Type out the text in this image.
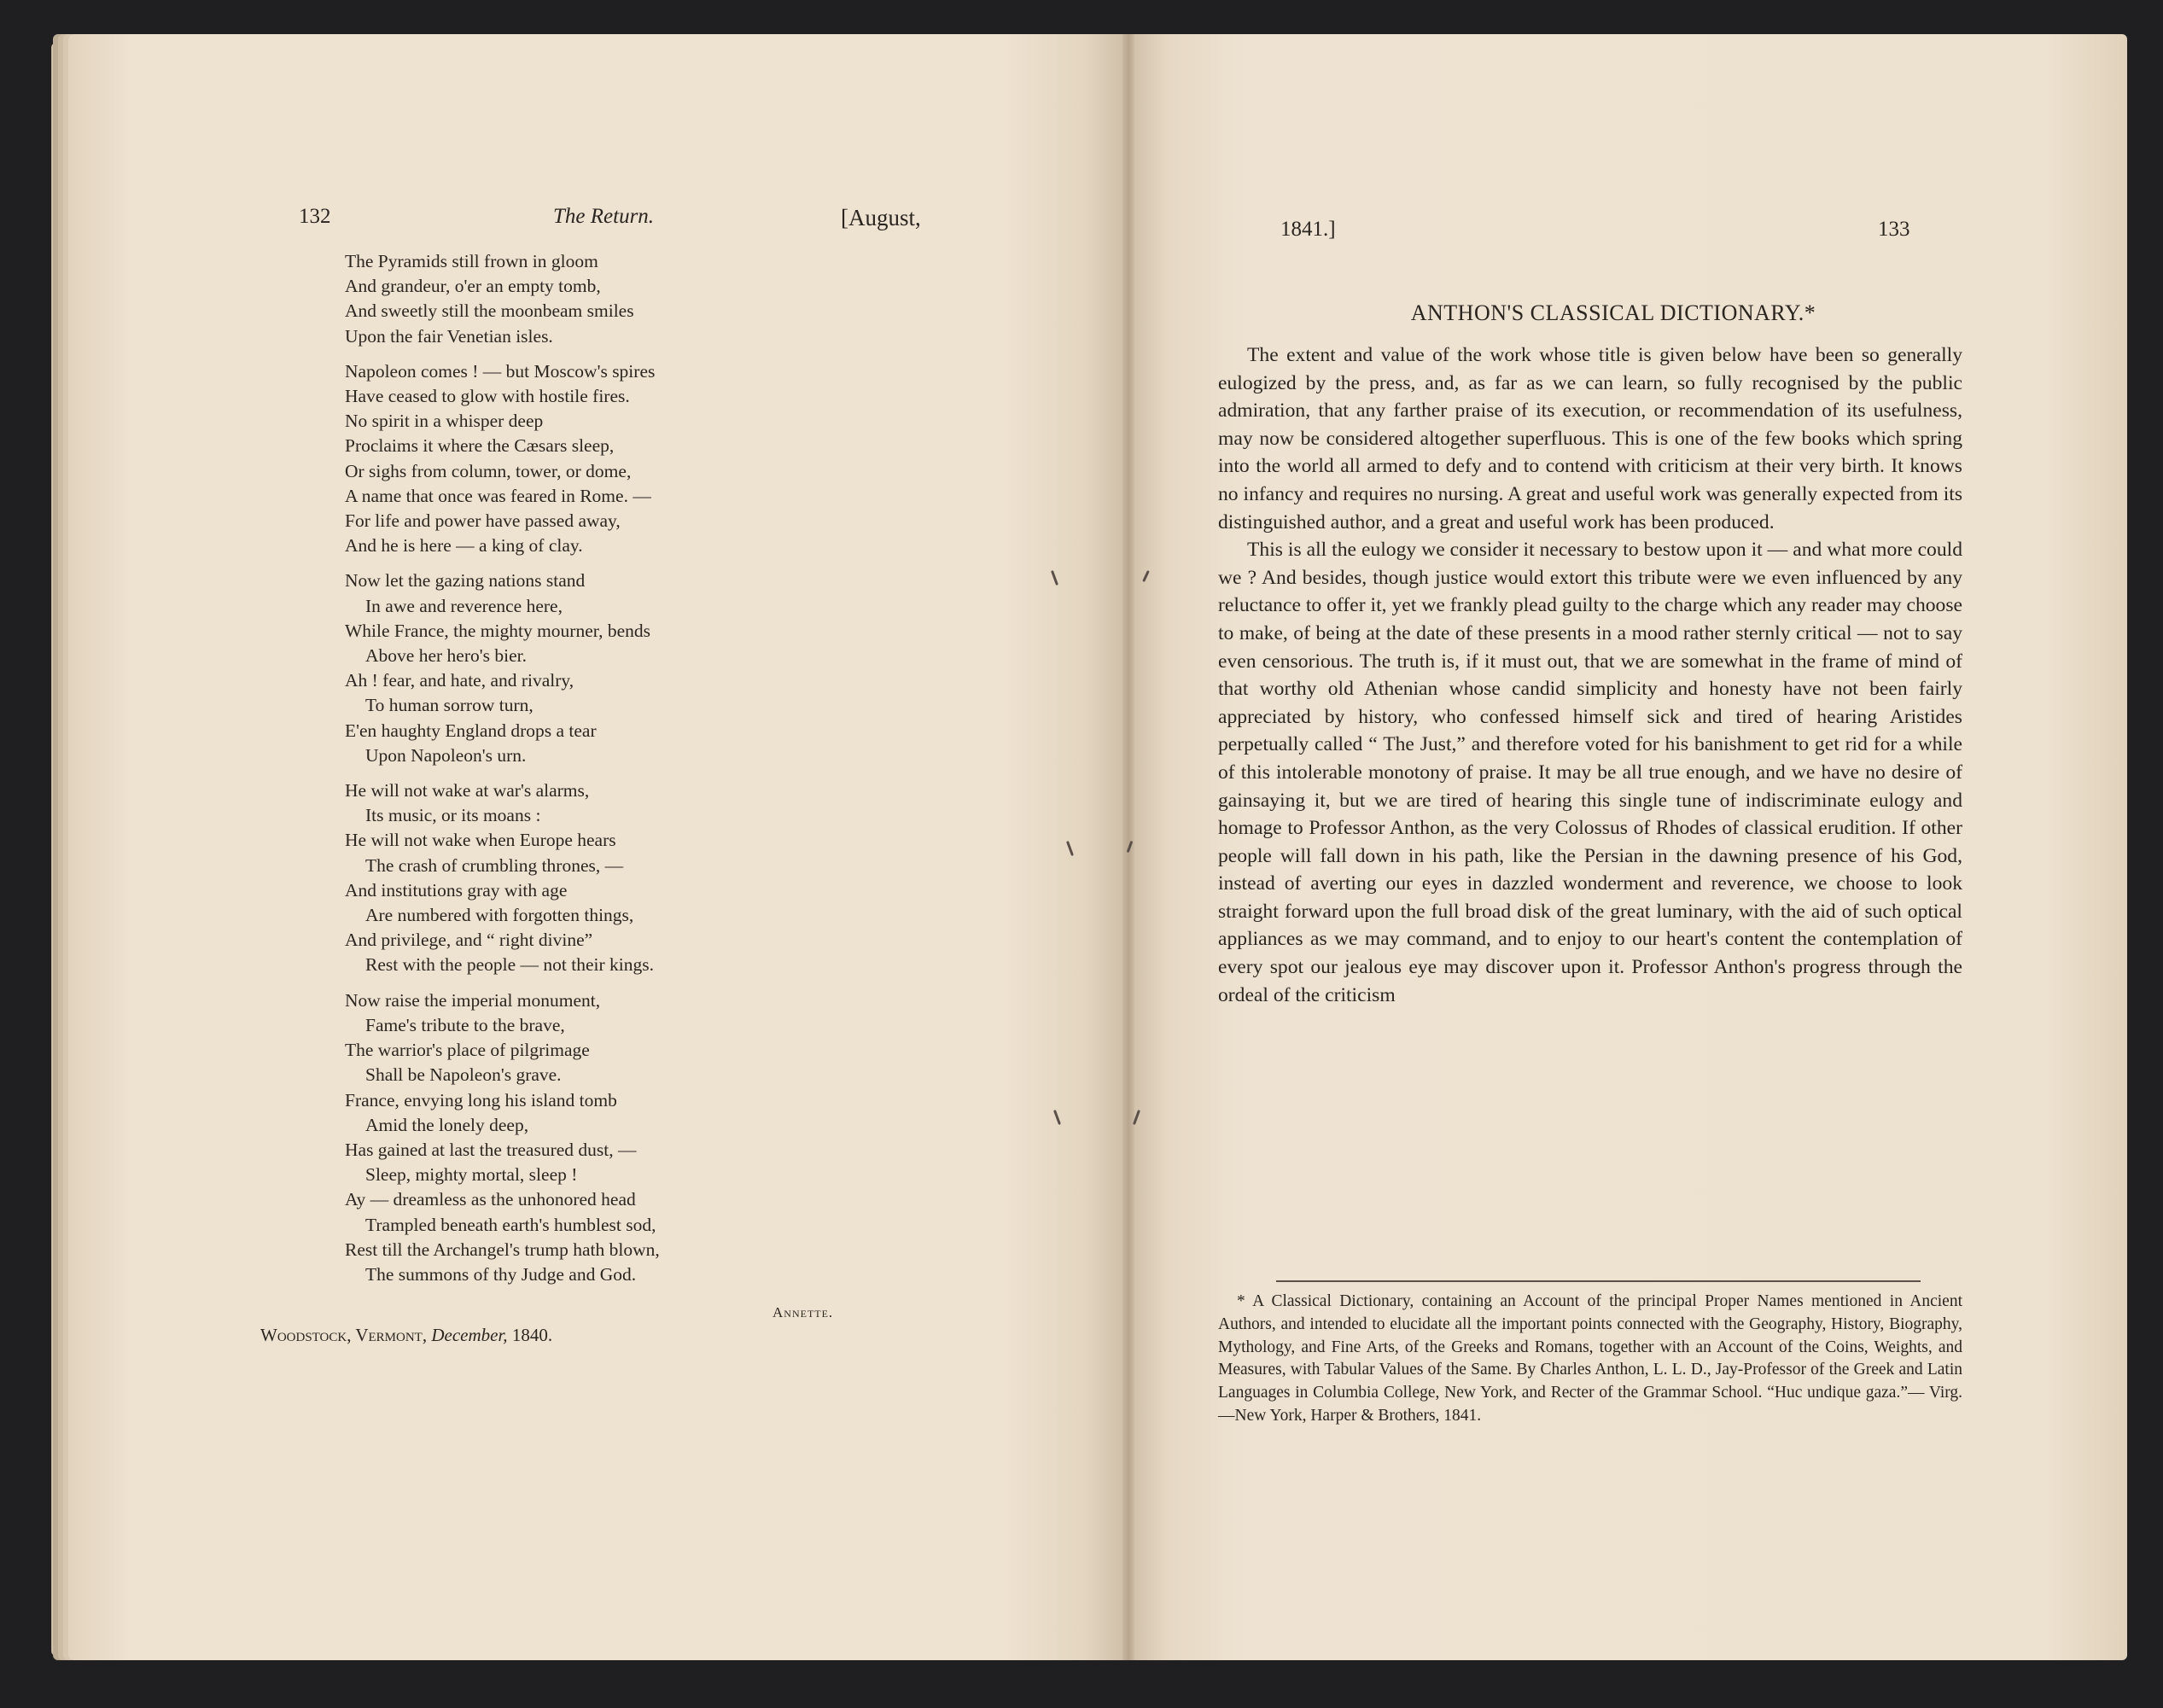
132	The Return.	[August,
The Pyramids still frown in gloom
And grandeur, o'er an empty tomb,
And sweetly still the moonbeam smiles
Upon the fair Venetian isles.
Napoleon comes ! — but Moscow's spires
Have ceased to glow with hostile fires.
No spirit in a whisper deep
Proclaims it where the Cæsars sleep,
Or sighs from column, tower, or dome,
A name that once was feared in Rome. —
For life and power have passed away,
And he is here — a king of clay.
Now let the gazing nations stand
In awe and reverence here,
While France, the mighty mourner, bends
Above her hero's bier.
Ah ! fear, and hate, and rivalry,
To human sorrow turn,
E'en haughty England drops a tear
Upon Napoleon's urn.
He will not wake at war's alarms,
Its music, or its moans :
He will not wake when Europe hears
The crash of crumbling thrones, —
And institutions gray with age
Are numbered with forgotten things,
And privilege, and “ right divine”
Rest with the people — not their kings.
Now raise the imperial monument,
Fame's tribute to the brave,
The warrior's place of pilgrimage
Shall be Napoleon's grave.
France, envying long his island tomb
Amid the lonely deep,
Has gained at last the treasured dust, —
Sleep, mighty mortal, sleep !
Ay — dreamless as the unhonored head
Trampled beneath earth's humblest sod,
Rest till the Archangel's trump hath blown,
The summons of thy Judge and God.
Annette.
Woodstock, Vermont, December, 1840.
1841.]	133
ANTHON'S CLASSICAL DICTIONARY.*

The extent and value of the work whose title is given below have been so generally eulogized by the press, and, as far as we can learn, so fully recognised by the public admiration, that any farther praise of its execution, or recommendation of its usefulness, may now be considered altogether superfluous. This is one of the few books which spring into the world all armed to defy and to contend with criticism at their very birth. It knows no infancy and requires no nursing. A great and useful work was generally expected from its distinguished author, and a great and useful work has been produced.

This is all the eulogy we consider it necessary to bestow upon it — and what more could we ? And besides, though justice would extort this tribute were we even influenced by any reluctance to offer it, yet we frankly plead guilty to the charge which any reader may choose to make, of being at the date of these presents in a mood rather sternly critical — not to say even censorious. The truth is, if it must out, that we are somewhat in the frame of mind of that worthy old Athenian whose candid simplicity and honesty have not been fairly appreciated by history, who confessed himself sick and tired of hearing Aristides perpetually called “ The Just,” and therefore voted for his banishment to get rid for a while of this intolerable monotony of praise. It may be all true enough, and we have no desire of gainsaying it, but we are tired of hearing this single tune of indiscriminate eulogy and homage to Professor Anthon, as the very Colossus of Rhodes of classical erudition. If other people will fall down in his path, like the Persian in the dawning presence of his God, instead of averting our eyes in dazzled wonderment and reverence, we choose to look straight forward upon the full broad disk of the great luminary, with the aid of such optical appliances as we may command, and to enjoy to our heart's content the contemplation of every spot our jealous eye may discover upon it. Professor Anthon's progress through the ordeal of the criticism

* A Classical Dictionary, containing an Account of the principal Proper Names mentioned in Ancient Authors, and intended to elucidate all the important points connected with the Geography, History, Biography, Mythology, and Fine Arts, of the Greeks and Romans, together with an Account of the Coins, Weights, and Measures, with Tabular Values of the Same. By Charles Anthon, L. L. D., Jay-Professor of the Greek and Latin Languages in Columbia College, New York, and Recter of the Grammar School. “Huc undique gaza.”— Virg.—New York, Harper & Brothers, 1841.
